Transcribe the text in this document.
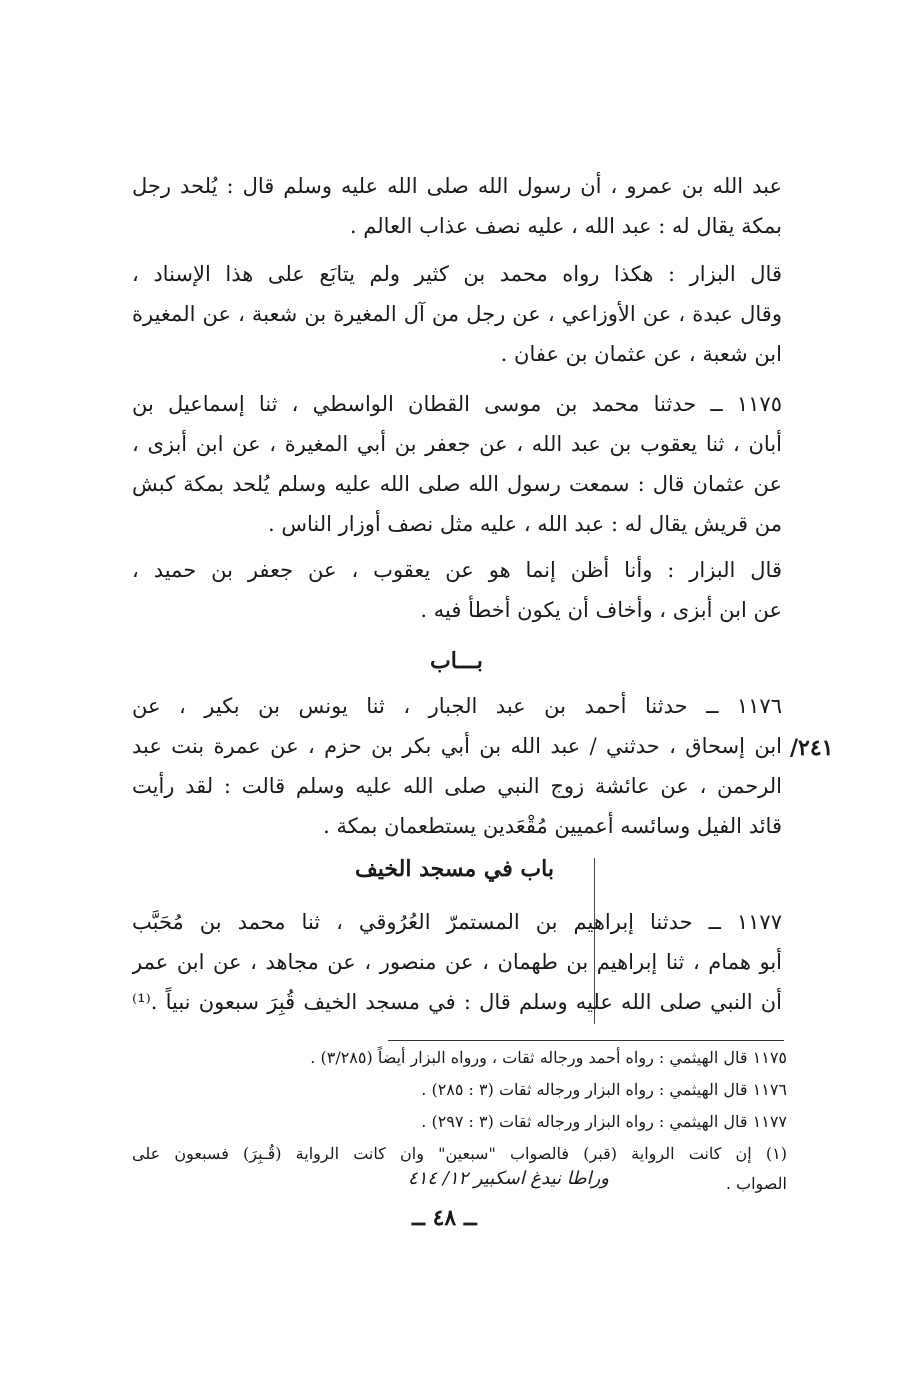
عبد الله بن عمرو ، أن رسول الله صلى الله عليه وسلم قال : يُلحد رجل
بمكة يقال له : عبد الله ، عليه نصف عذاب العالم .
قال البزار : هكذا رواه محمد بن كثير ولم يتابَع على هذا الإسناد ،
وقال عبدة ، عن الأوزاعي ، عن رجل من آل المغيرة بن شعبة ، عن المغيرة
ابن شعبة ، عن عثمان بن عفان .
١١٧٥ ــ حدثنا محمد بن موسى القطان الواسطي ، ثنا إسماعيل بن
أبان ، ثنا يعقوب بن عبد الله ، عن جعفر بن أبي المغيرة ، عن ابن أبزى ،
عن عثمان قال : سمعت رسول الله صلى الله عليه وسلم يُلحد بمكة كبش
من قريش يقال له : عبد الله ، عليه مثل نصف أوزار الناس .
قال البزار : وأنا أظن إنما هو عن يعقوب ، عن جعفر بن حميد ،
عن ابن أبزى ، وأخاف أن يكون أخطأ فيه .
بـــاب
١١٧٦ ــ حدثنا أحمد بن عبد الجبار ، ثنا يونس بن بكير ، عن
ابن إسحاق ، حدثني / عبد الله بن أبي بكر بن حزم ، عن عمرة بنت عبد
الرحمن ، عن عائشة زوج النبي صلى الله عليه وسلم قالت : لقد رأيت
قائد الفيل وسائسه أعميين مُقْعَدين يستطعمان بمكة .
٢٤١/
باب في مسجد الخيف
١١٧٧ ــ حدثنا إبراهيم بن المستمرّ العُرُوقي ، ثنا محمد بن مُحَبَّب
أبو همام ، ثنا إبراهيم بن طهمان ، عن منصور ، عن مجاهد ، عن ابن عمر
أن النبي صلى الله عليه وسلم قال : في مسجد الخيف قُبِرَ سبعون نبياً .⁽¹⁾
١١٧٥ قال الهيثمي : رواه أحمد ورجاله ثقات ، ورواه البزار أيضاً (٣/٢٨٥) .
١١٧٦ قال الهيثمي : رواه البزار ورجاله ثقات (٣ : ٢٨٥) .
١١٧٧ قال الهيثمي : رواه البزار ورجاله ثقات (٣ : ٢٩٧) .
(١) إن كانت الرواية (قبر) فالصواب "سبعين" وان كانت الرواية (قُـبِرَ) فسبعون على
الصواب .
وراطا نيدغ اسكبير ١٢/ ٤١٤
ــ ٤٨ ــ
